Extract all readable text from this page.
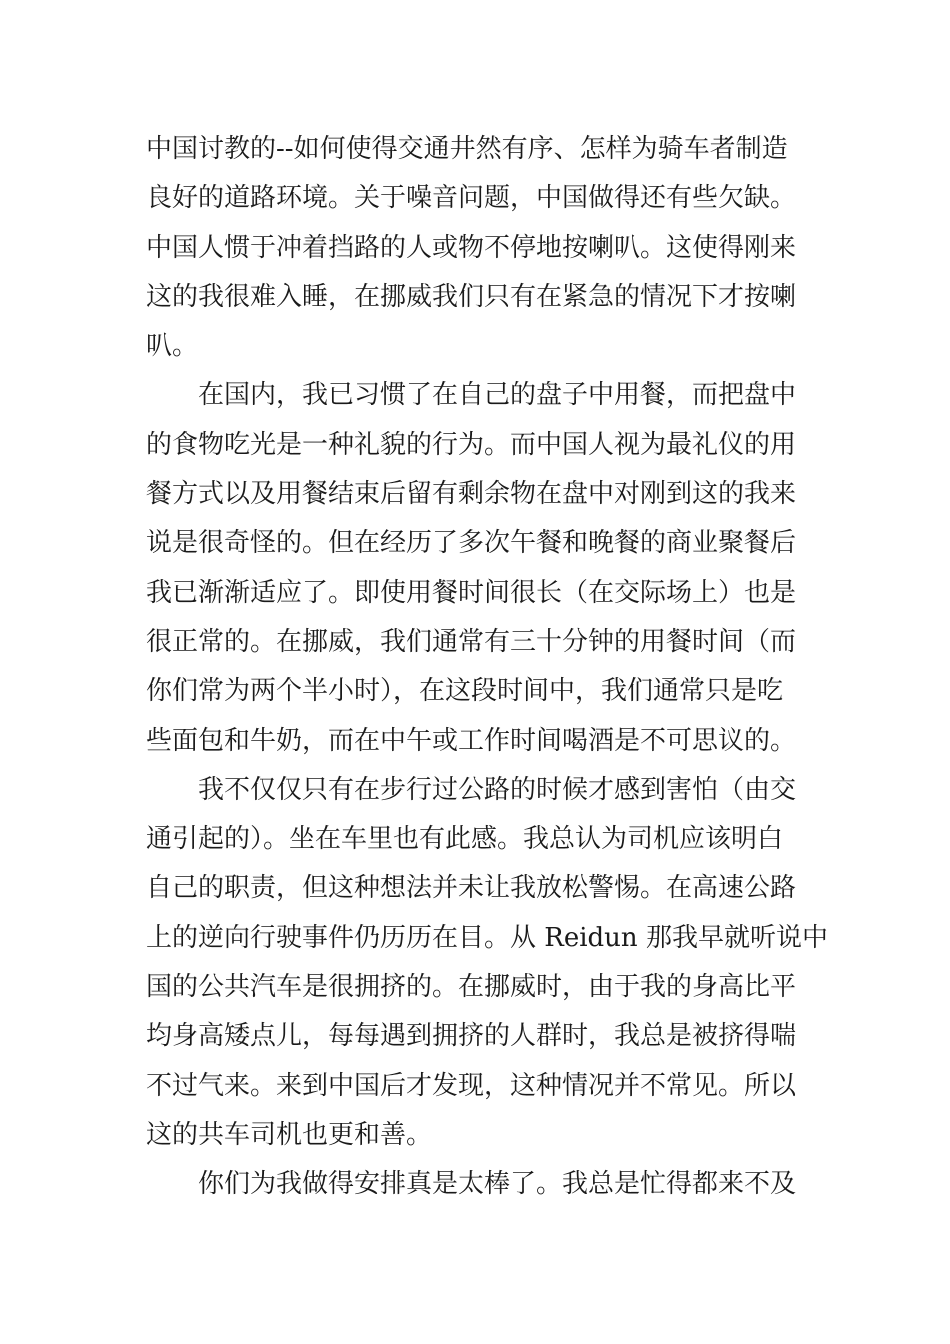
中国讨教的--如何使得交通井然有序、怎样为骑车者制造
良好的道路环境。关于噪音问题，中国做得还有些欠缺。
中国人惯于冲着挡路的人或物不停地按喇叭。这使得刚来
这的我很难入睡，在挪威我们只有在紧急的情况下才按喇
叭。
在国内，我已习惯了在自己的盘子中用餐，而把盘中
的食物吃光是一种礼貌的行为。而中国人视为最礼仪的用
餐方式以及用餐结束后留有剩余物在盘中对刚到这的我来
说是很奇怪的。但在经历了多次午餐和晚餐的商业聚餐后
我已渐渐适应了。即使用餐时间很长（在交际场上）也是
很正常的。在挪威，我们通常有三十分钟的用餐时间（而
你们常为两个半小时），在这段时间中，我们通常只是吃
些面包和牛奶，而在中午或工作时间喝酒是不可思议的。
我不仅仅只有在步行过公路的时候才感到害怕（由交
通引起的）。坐在车里也有此感。我总认为司机应该明白
自己的职责，但这种想法并未让我放松警惕。在高速公路
上的逆向行驶事件仍历历在目。从 Reidun 那我早就听说中
国的公共汽车是很拥挤的。在挪威时，由于我的身高比平
均身高矮点儿，每每遇到拥挤的人群时，我总是被挤得喘
不过气来。来到中国后才发现，这种情况并不常见。所以
这的共车司机也更和善。
你们为我做得安排真是太棒了。我总是忙得都来不及
